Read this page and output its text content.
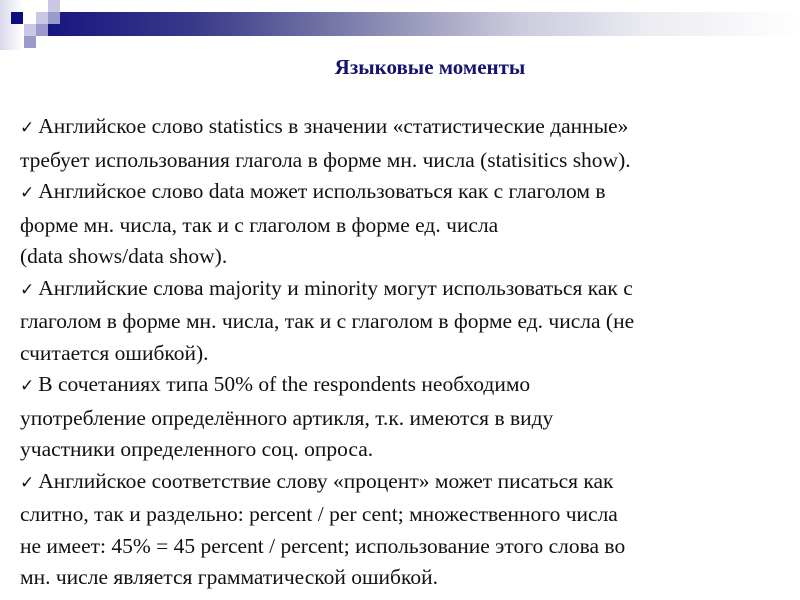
Языковые моменты
✓ Английское слово statistics в значении «статистические данные»
требует использования глагола в форме мн. числа (statisitics show).
✓ Английское слово data может использоваться как с глаголом в
форме мн. числа, так и с глаголом в форме ед. числа
(data shows/data show).
✓ Английские слова majority и minority могут использоваться как с
глаголом в форме мн. числа, так и с глаголом в форме ед. числа (не
считается ошибкой).
✓ В сочетаниях типа 50% of the respondents необходимо
употребление определённого артикля, т.к. имеются в виду
участники определенного соц. опроса.
✓ Английское соответствие слову «процент» может писаться как
слитно, так и раздельно: percent / per cent; множественного числа
не имеет: 45% = 45 percent / percent; использование этого слова во
мн. числе является грамматической ошибкой.
